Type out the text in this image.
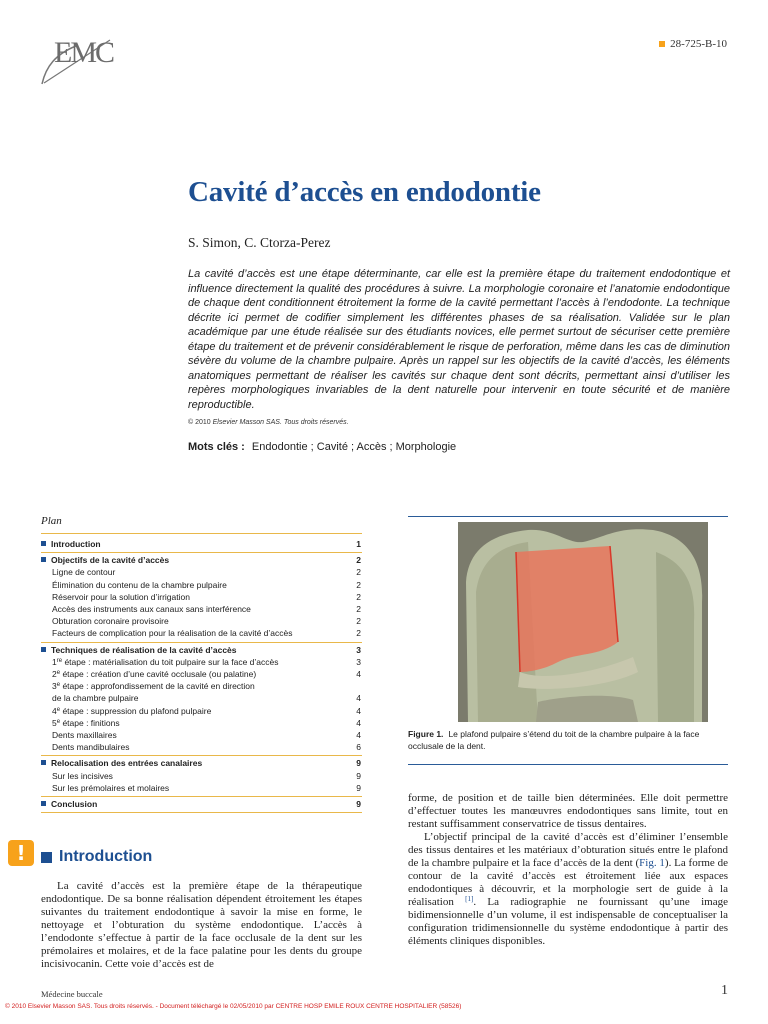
EMC	28-725-B-10
Cavité d’accès en endodontie
S. Simon, C. Ctorza-Perez

La cavité d’accès est une étape déterminante, car elle est la première étape du traitement endodontique et influence directement la qualité des procédures à suivre. La morphologie coronaire et l’anatomie endodontique de chaque dent conditionnent étroitement la forme de la cavité permettant l’accès à l’endodonte. La technique décrite ici permet de codifier simplement les différentes phases de sa réalisation. Validée sur le plan académique par une étude réalisée sur des étudiants novices, elle permet surtout de sécuriser cette première étape du traitement et de prévenir considérablement le risque de perforation, même dans les cas de diminution sévère du volume de la chambre pulpaire. Après un rappel sur les objectifs de la cavité d’accès, les éléments anatomiques permettant de réaliser les cavités sur chaque dent sont décrits, permettant ainsi d’utiliser les repères morphologiques invariables de la dent naturelle pour intervenir en toute sécurité et de manière reproductible.

© 2010 Elsevier Masson SAS. Tous droits réservés.
Mots clés : Endodontie ; Cavité ; Accès ; Morphologie
Plan
Introduction	1
Objectifs de la cavité d’accès	2
Ligne de contour	2
Élimination du contenu de la chambre pulpaire	2
Réservoir pour la solution d’irrigation	2
Accès des instruments aux canaux sans interférence	2
Obturation coronaire provisoire	2
Facteurs de complication pour la réalisation de la cavité d’accès	2
Techniques de réalisation de la cavité d’accès	3
1re étape : matérialisation du toit pulpaire sur la face d’accès	3
2e étape : création d’une cavité occlusale (ou palatine)	4
3e étape : approfondissement de la cavité en direction
de la chambre pulpaire	4
4e étape : suppression du plafond pulpaire	4
5e étape : finitions	4
Dents maxillaires	4
Dents mandibulaires	6
Relocalisation des entrées canalaires	9
Sur les incisives	9
Sur les prémolaires et molaires	9
Conclusion	9
Figure 1. Le plafond pulpaire s’étend du toit de la chambre pulpaire à la face occlusale de la dent.
!	Introduction

La cavité d’accès est la première étape de la thérapeutique endodontique. De sa bonne réalisation dépendent étroitement les étapes suivantes du traitement endodontique à savoir la mise en forme, le nettoyage et l’obturation du système endodontique. L’accès à l’endodonte s’effectue à partir de la face occlusale de la dent sur les prémolaires et molaires, et de la face palatine pour les dents du groupe incisivocanin. Cette voie d’accès est de

forme, de position et de taille bien déterminées. Elle doit permettre d’effectuer toutes les manœuvres endodontiques sans limite, tout en restant suffisamment conservatrice de tissus dentaires.

L’objectif principal de la cavité d’accès est d’éliminer l’ensemble des tissus dentaires et les matériaux d’obturation situés entre le plafond de la chambre pulpaire et la face d’accès de la dent (Fig. 1). La forme de contour de la cavité d’accès est étroitement liée aux espaces endodontiques à découvrir, et la morphologie sert de guide à la réalisation [1]. La radiographie ne fournissant qu’une image bidimensionnelle d’un volume, il est indispensable de conceptualiser la configuration tridimensionnelle du système endodontique à partir des éléments cliniques disponibles.

Médecine buccale	1
© 2010 Elsevier Masson SAS. Tous droits réservés. - Document téléchargé le 02/05/2010 par CENTRE HOSP EMILE ROUX CENTRE HOSPITALIER (58526)
